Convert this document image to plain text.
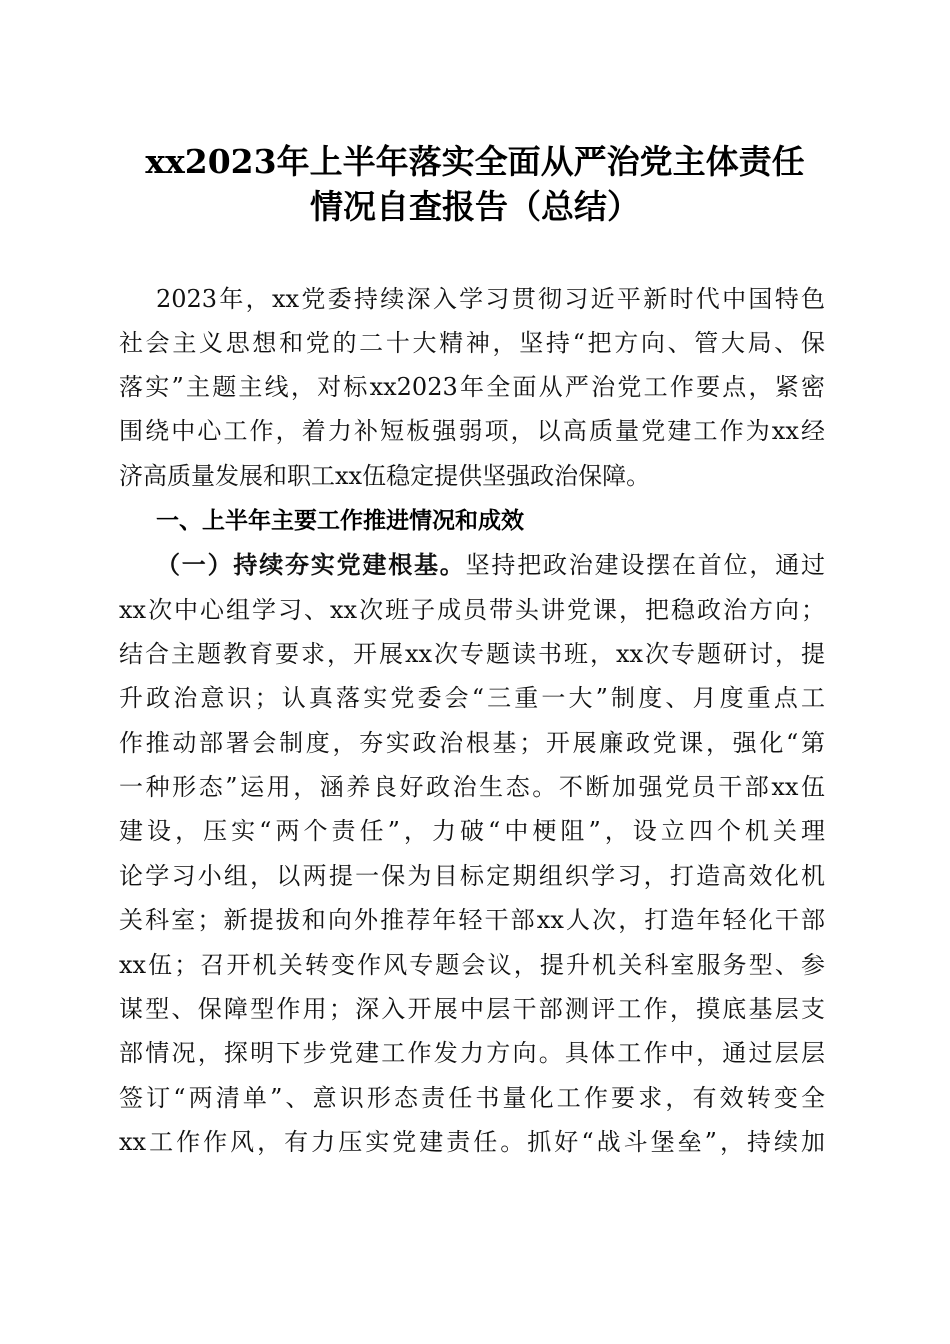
xx2023年上半年落实全面从严治党主体责任
情况自查报告（总结）

2023年，xx党委持续深入学习贯彻习近平新时代中国特色

社会主义思想和党的二十大精神，坚持“把方向、管大局、保

落实”主题主线，对标xx2023年全面从严治党工作要点，紧密

围绕中心工作，着力补短板强弱项，以高质量党建工作为xx经

济高质量发展和职工xx伍稳定提供坚强政治保障。

一、上半年主要工作推进情况和成效

（一）持续夯实党建根基。坚持把政治建设摆在首位，通过

xx次中心组学习、xx次班子成员带头讲党课，把稳政治方向；

结合主题教育要求，开展xx次专题读书班，xx次专题研讨，提

升政治意识；认真落实党委会“三重一大”制度、月度重点工

作推动部署会制度，夯实政治根基；开展廉政党课，强化“第

一种形态”运用，涵养良好政治生态。不断加强党员干部xx伍

建设，压实“两个责任”，力破“中梗阻”，设立四个机关理

论学习小组，以两提一保为目标定期组织学习，打造高效化机

关科室；新提拔和向外推荐年轻干部xx人次，打造年轻化干部

xx伍；召开机关转变作风专题会议，提升机关科室服务型、参

谋型、保障型作用；深入开展中层干部测评工作，摸底基层支

部情况，探明下步党建工作发力方向。具体工作中，通过层层

签订“两清单”、意识形态责任书量化工作要求，有效转变全

xx工作作风，有力压实党建责任。抓好“战斗堡垒”，持续加
